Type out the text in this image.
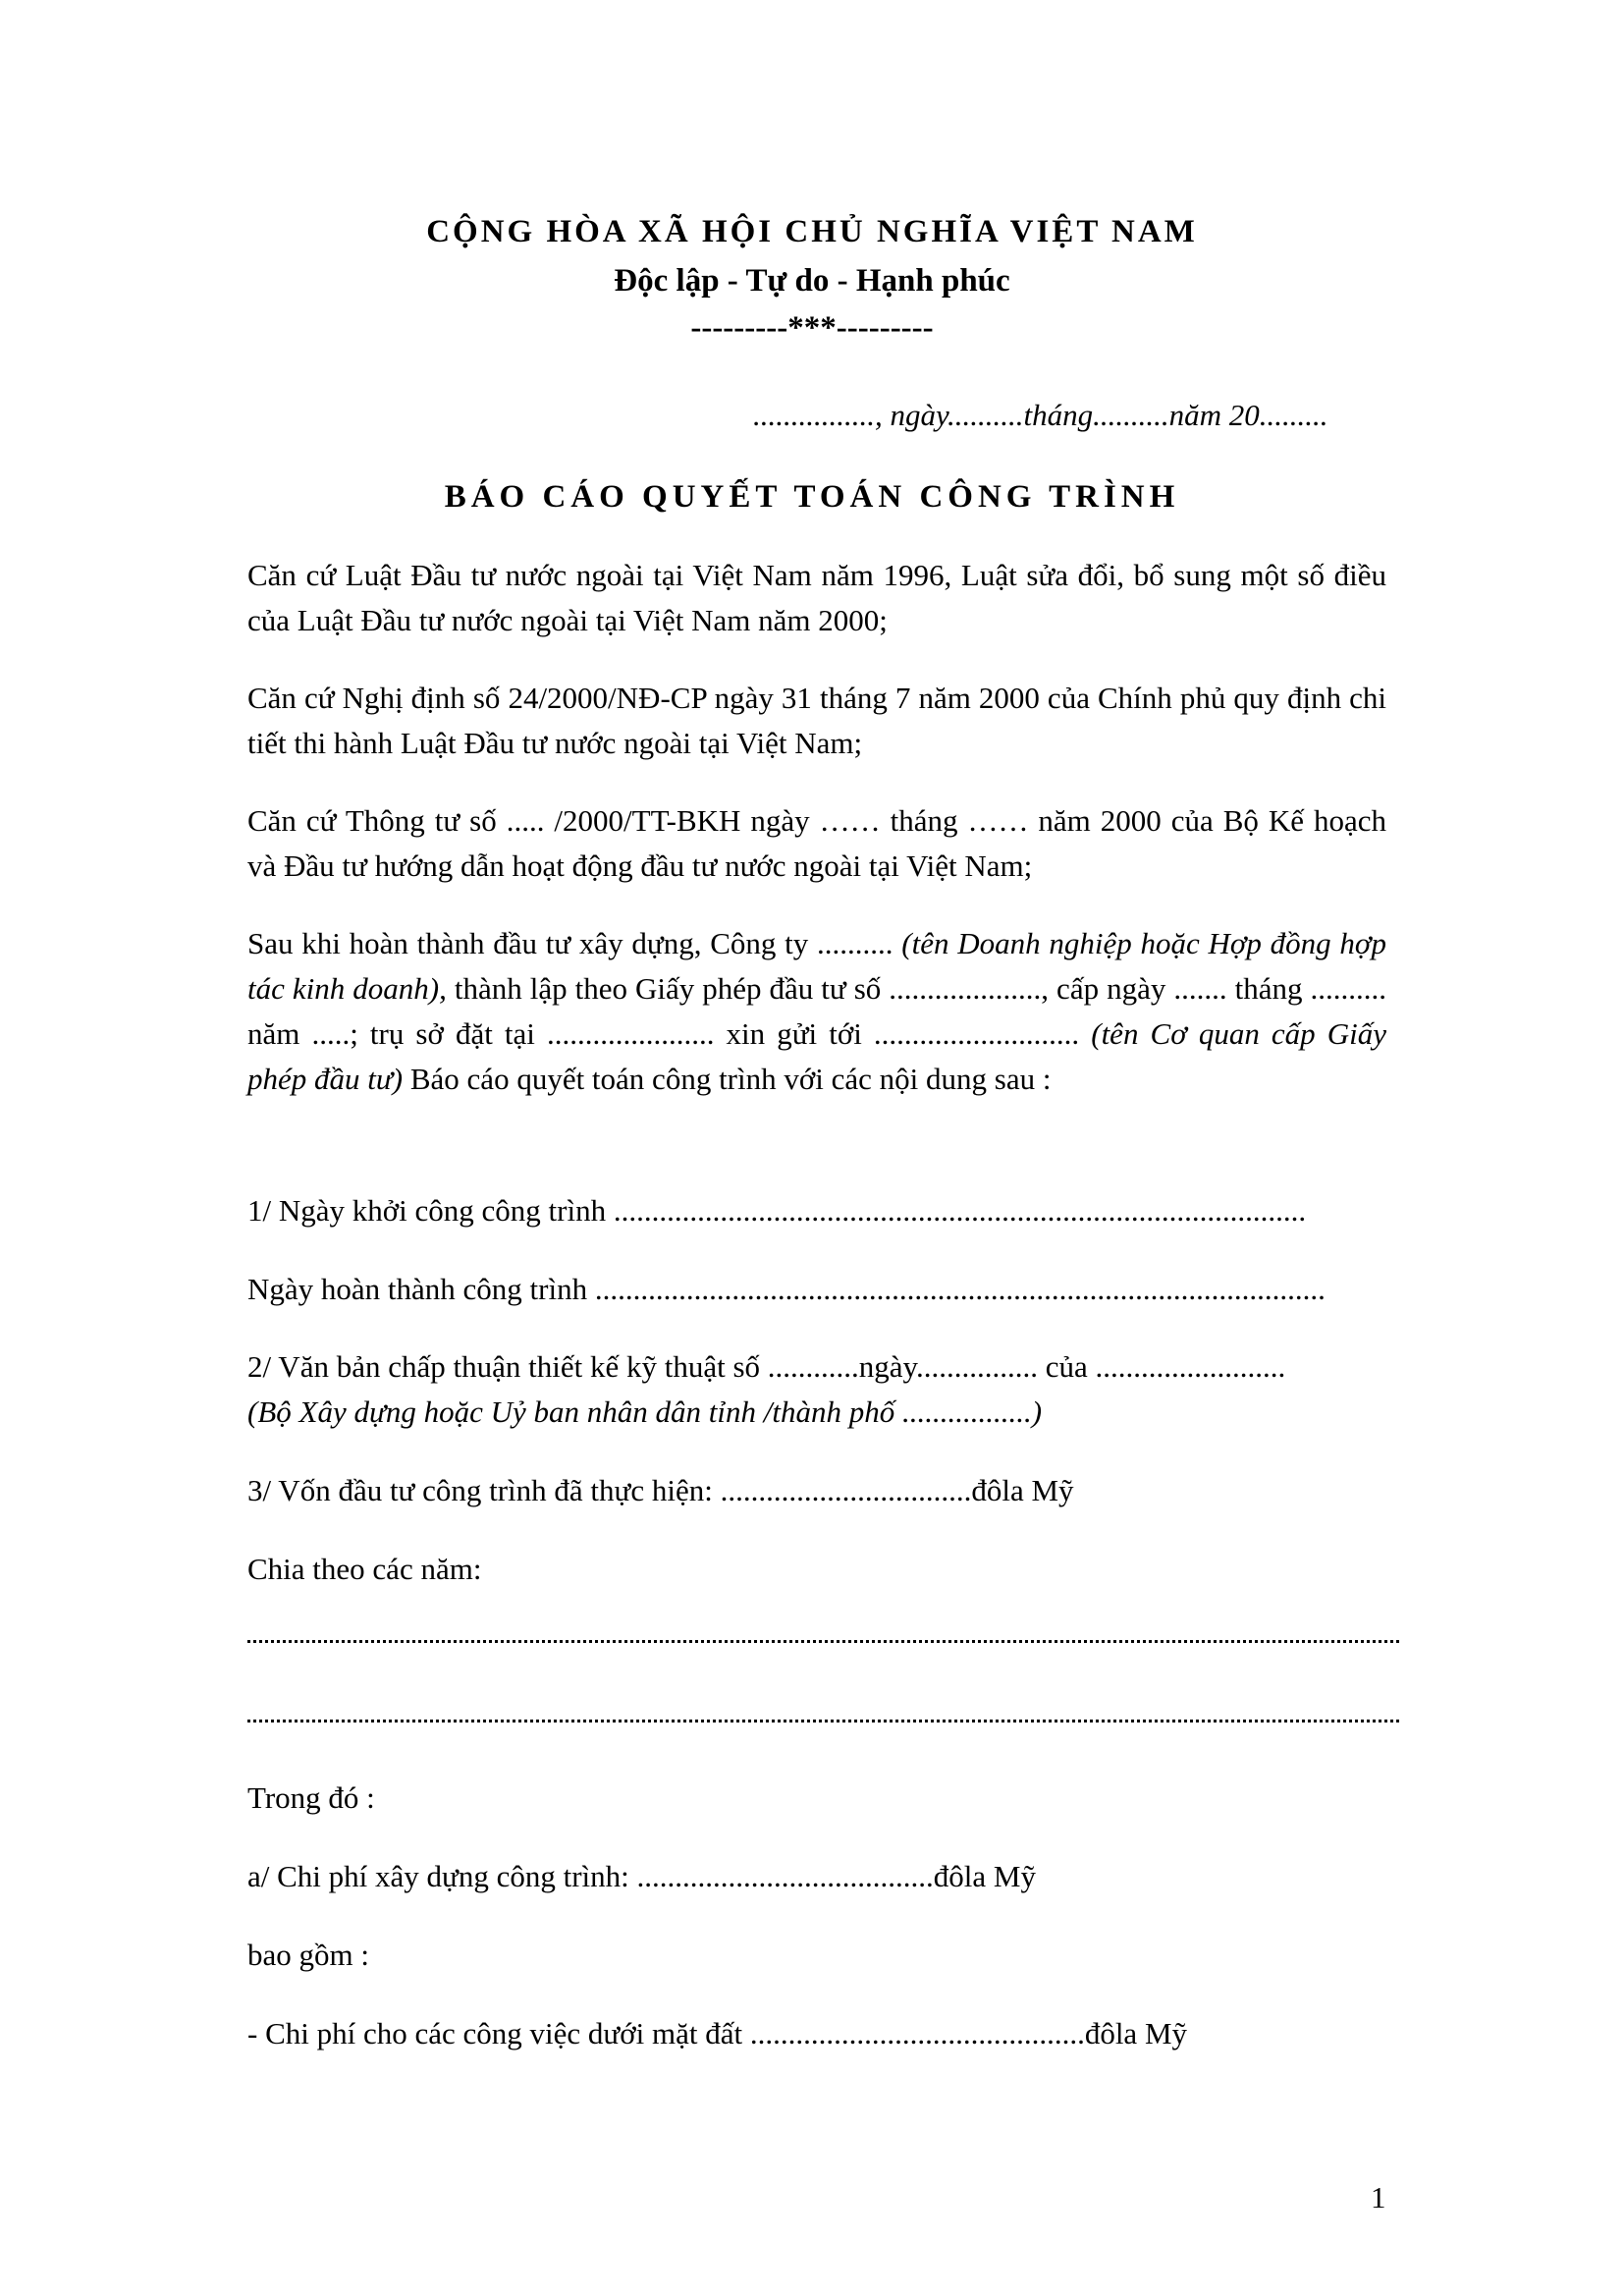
CỘNG HÒA XÃ HỘI CHỦ NGHĨA VIỆT NAM
Độc lập - Tự do - Hạnh phúc
---------***---------
................, ngày..........tháng..........năm 20.........
BÁO CÁO QUYẾT TOÁN CÔNG TRÌNH
Căn cứ Luật Đầu tư nước ngoài tại Việt Nam năm 1996, Luật sửa đổi, bổ sung một số điều của Luật Đầu tư nước ngoài tại Việt Nam năm 2000;
Căn cứ Nghị định số 24/2000/NĐ-CP ngày 31 tháng 7 năm 2000 của Chính phủ quy định chi tiết thi hành Luật Đầu tư nước ngoài tại Việt Nam;
Căn cứ Thông tư số ..... /2000/TT-BKH ngày …… tháng …… năm 2000 của Bộ Kế hoạch và Đầu tư hướng dẫn hoạt động đầu tư nước ngoài tại Việt Nam;
Sau khi hoàn thành đầu tư xây dựng, Công ty .......... (tên Doanh nghiệp hoặc Hợp đồng hợp tác kinh doanh), thành lập theo Giấy phép đầu tư số ...................., cấp ngày ....... tháng .......... năm .....; trụ sở đặt tại ...................... xin gửi tới ........................... (tên Cơ quan cấp Giấy phép đầu tư) Báo cáo quyết toán công trình với các nội dung sau :
1/ Ngày khởi công công trình ...........................................................................................
Ngày hoàn thành công trình ................................................................................................
2/ Văn bản chấp thuận thiết kế kỹ thuật số ............ngày................ của .........................
(Bộ Xây dựng hoặc Uỷ ban nhân dân tỉnh /thành phố .................)
3/ Vốn đầu tư công trình đã thực hiện: .................................đôla Mỹ
Chia theo các năm:
Trong đó :
a/ Chi phí xây dựng công trình: .......................................đôla Mỹ
bao gồm :
- Chi phí cho các công việc dưới mặt đất ............................................đôla Mỹ
1
